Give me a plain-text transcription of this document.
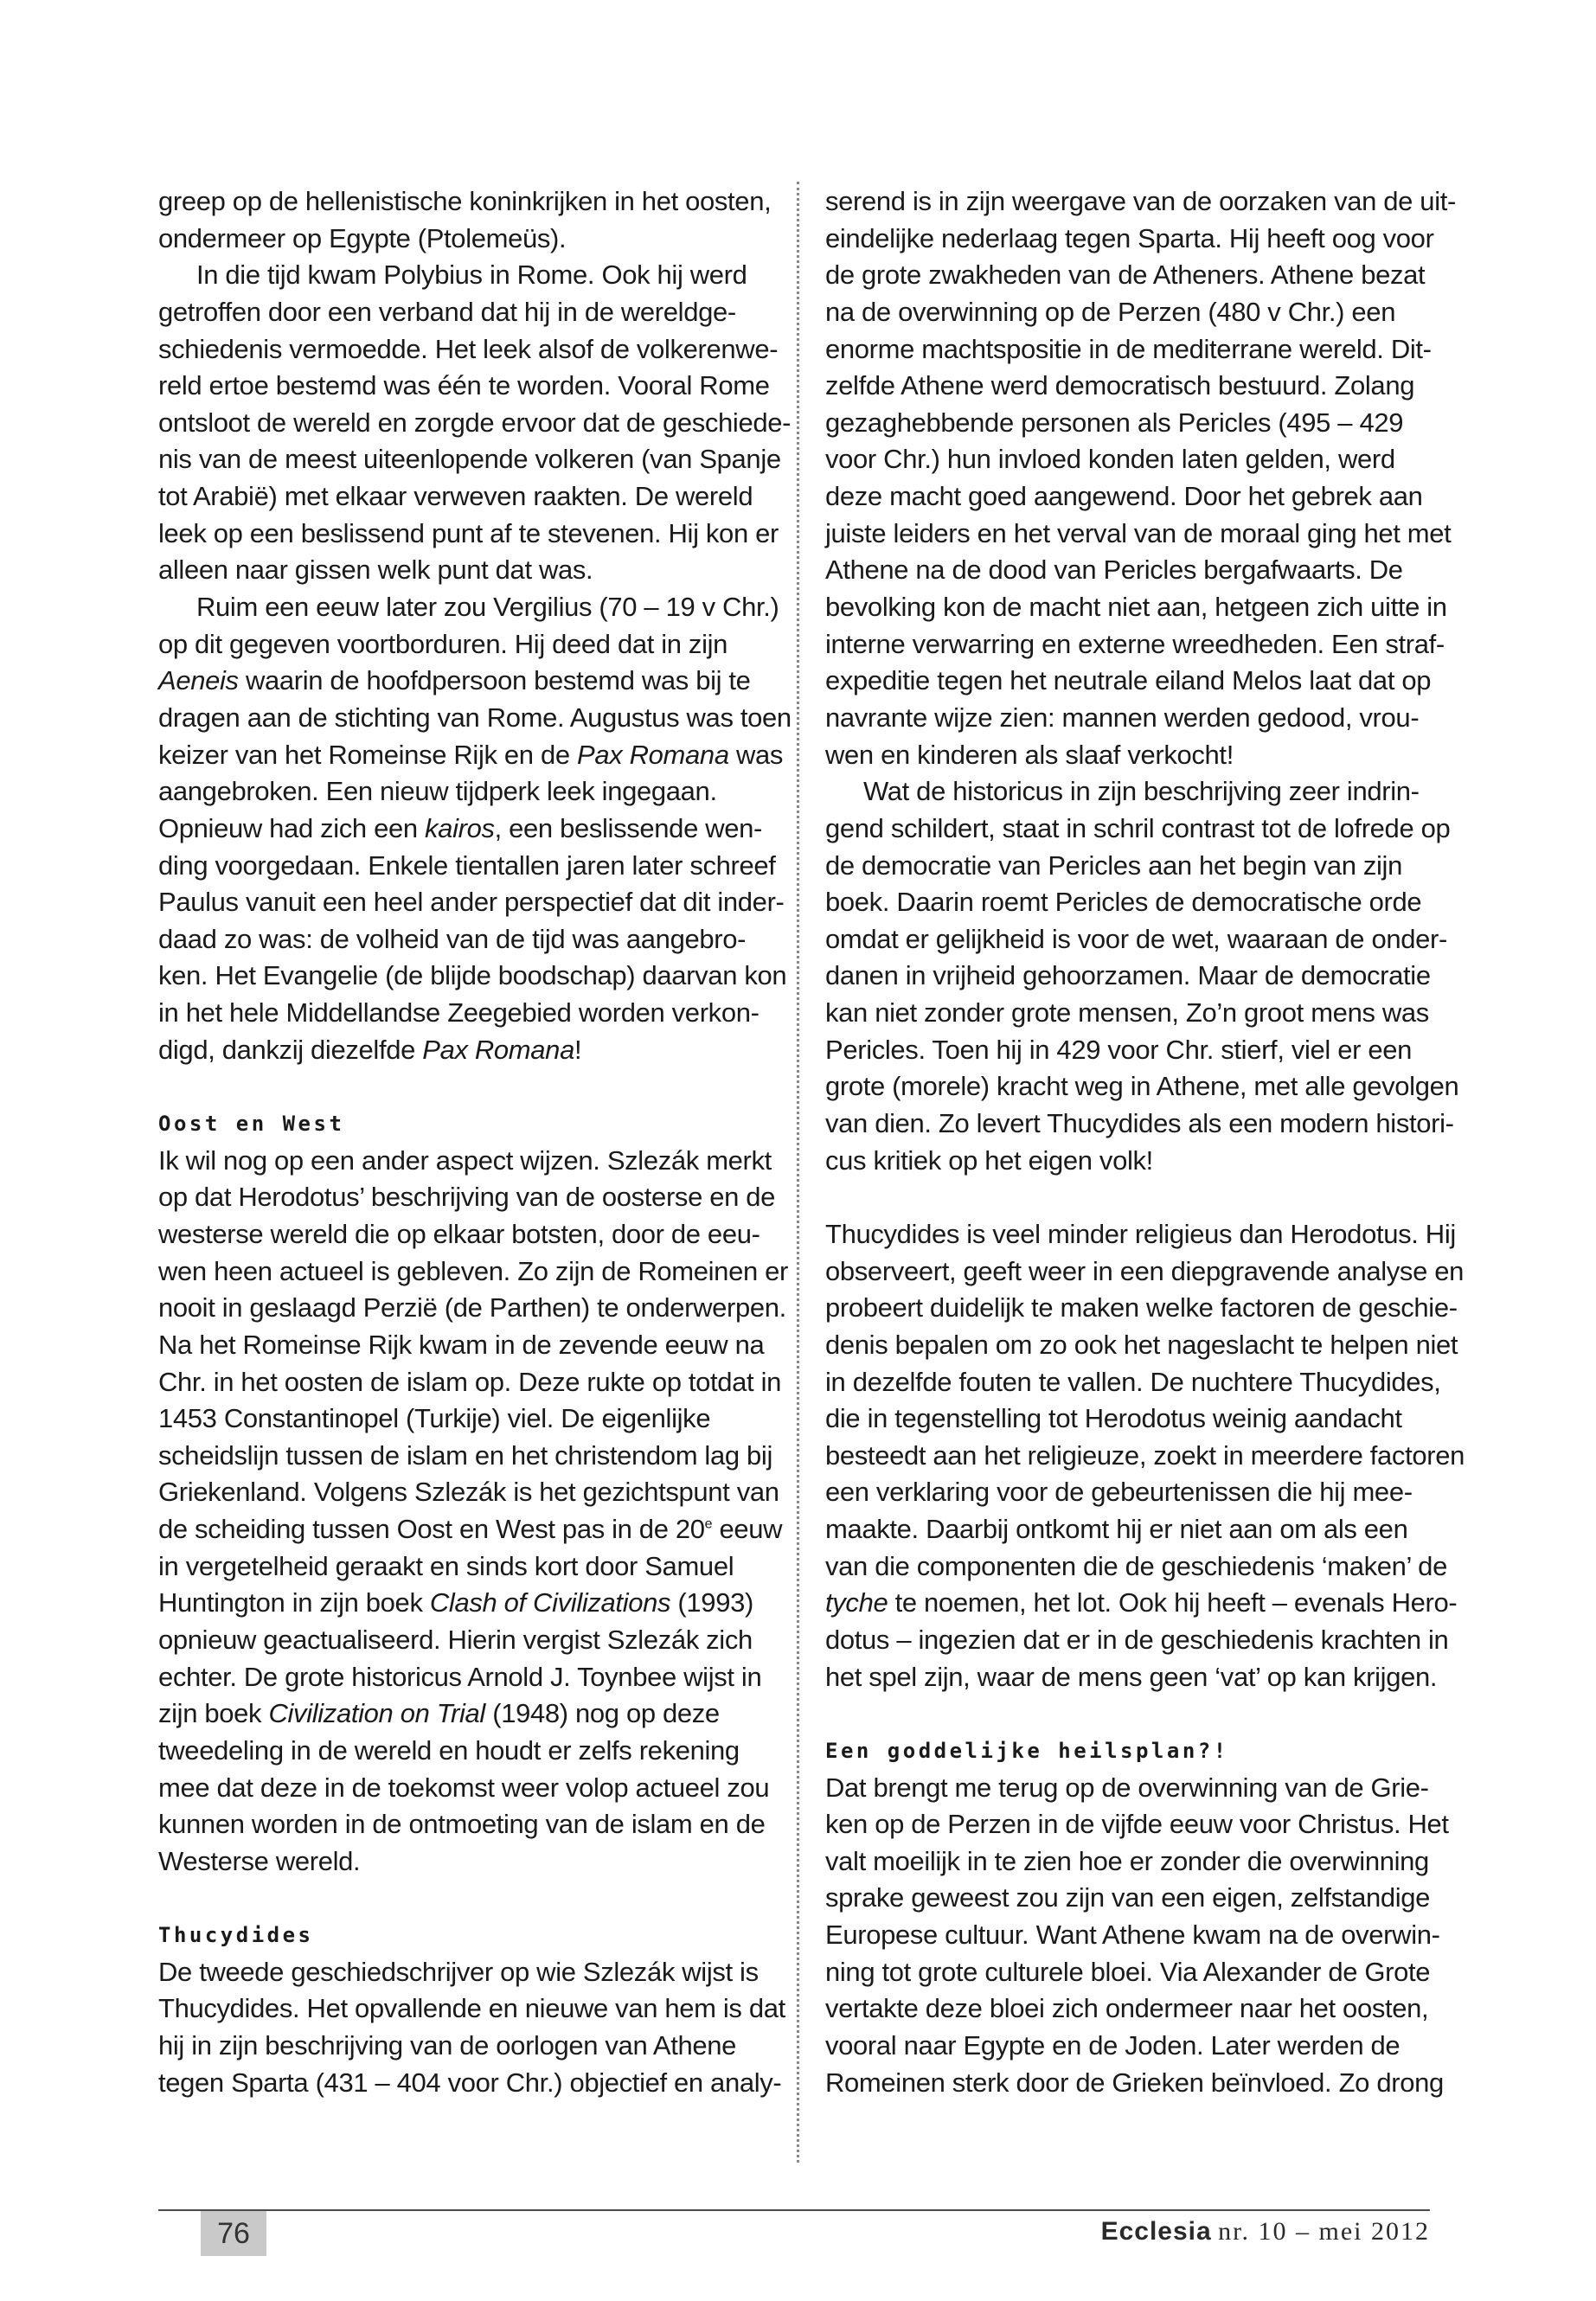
greep op de hellenistische koninkrijken in het oosten,
ondermeer op Egypte (Ptolemeüs).
In die tijd kwam Polybius in Rome. Ook hij werd
getroffen door een verband dat hij in de wereldge-
schiedenis vermoedde. Het leek alsof de volkerenwe-
reld ertoe bestemd was één te worden. Vooral Rome
ontsloot de wereld en zorgde ervoor dat de geschiede-
nis van de meest uiteenlopende volkeren (van Spanje
tot Arabië) met elkaar verweven raakten. De wereld
leek op een beslissend punt af te stevenen. Hij kon er
alleen naar gissen welk punt dat was.
Ruim een eeuw later zou Vergilius (70 – 19 v Chr.)
op dit gegeven voortborduren. Hij deed dat in zijn
Aeneis waarin de hoofdpersoon bestemd was bij te
dragen aan de stichting van Rome. Augustus was toen
keizer van het Romeinse Rijk en de Pax Romana was
aangebroken. Een nieuw tijdperk leek ingegaan.
Opnieuw had zich een kairos, een beslissende wen-
ding voorgedaan. Enkele tientallen jaren later schreef
Paulus vanuit een heel ander perspectief dat dit inder-
daad zo was: de volheid van de tijd was aangebro-
ken. Het Evangelie (de blijde boodschap) daarvan kon
in het hele Middellandse Zeegebied worden verkon-
digd, dankzij diezelfde Pax Romana!
Oost en West
Ik wil nog op een ander aspect wijzen. Szlezák merkt
op dat Herodotus’ beschrijving van de oosterse en de
westerse wereld die op elkaar botsten, door de eeu-
wen heen actueel is gebleven. Zo zijn de Romeinen er
nooit in geslaagd Perzië (de Parthen) te onderwerpen.
Na het Romeinse Rijk kwam in de zevende eeuw na
Chr. in het oosten de islam op. Deze rukte op totdat in
1453 Constantinopel (Turkije) viel. De eigenlijke
scheidslijn tussen de islam en het christendom lag bij
Griekenland. Volgens Szlezák is het gezichtspunt van
de scheiding tussen Oost en West pas in de 20e eeuw
in vergetelheid geraakt en sinds kort door Samuel
Huntington in zijn boek Clash of Civilizations (1993)
opnieuw geactualiseerd. Hierin vergist Szlezák zich
echter. De grote historicus Arnold J. Toynbee wijst in
zijn boek Civilization on Trial (1948) nog op deze
tweedeling in de wereld en houdt er zelfs rekening
mee dat deze in de toekomst weer volop actueel zou
kunnen worden in de ontmoeting van de islam en de
Westerse wereld.
Thucydides
De tweede geschiedschrijver op wie Szlezák wijst is
Thucydides. Het opvallende en nieuwe van hem is dat
hij in zijn beschrijving van de oorlogen van Athene
tegen Sparta (431 – 404 voor Chr.) objectief en analy-
serend is in zijn weergave van de oorzaken van de uit-
eindelijke nederlaag tegen Sparta. Hij heeft oog voor
de grote zwakheden van de Atheners. Athene bezat
na de overwinning op de Perzen (480 v Chr.) een
enorme machtspositie in de mediterrane wereld. Dit-
zelfde Athene werd democratisch bestuurd. Zolang
gezaghebbende personen als Pericles (495 – 429
voor Chr.) hun invloed konden laten gelden, werd
deze macht goed aangewend. Door het gebrek aan
juiste leiders en het verval van de moraal ging het met
Athene na de dood van Pericles bergafwaarts. De
bevolking kon de macht niet aan, hetgeen zich uitte in
interne verwarring en externe wreedheden. Een straf-
expeditie tegen het neutrale eiland Melos laat dat op
navrante wijze zien: mannen werden gedood, vrou-
wen en kinderen als slaaf verkocht!
Wat de historicus in zijn beschrijving zeer indrin-
gend schildert, staat in schril contrast tot de lofrede op
de democratie van Pericles aan het begin van zijn
boek. Daarin roemt Pericles de democratische orde
omdat er gelijkheid is voor de wet, waaraan de onder-
danen in vrijheid gehoorzamen. Maar de democratie
kan niet zonder grote mensen, Zo’n groot mens was
Pericles. Toen hij in 429 voor Chr. stierf, viel er een
grote (morele) kracht weg in Athene, met alle gevolgen
van dien. Zo levert Thucydides als een modern histori-
cus kritiek op het eigen volk!
Thucydides is veel minder religieus dan Herodotus. Hij
observeert, geeft weer in een diepgravende analyse en
probeert duidelijk te maken welke factoren de geschie-
denis bepalen om zo ook het nageslacht te helpen niet
in dezelfde fouten te vallen. De nuchtere Thucydides,
die in tegenstelling tot Herodotus weinig aandacht
besteedt aan het religieuze, zoekt in meerdere factoren
een verklaring voor de gebeurtenissen die hij mee-
maakte. Daarbij ontkomt hij er niet aan om als een
van die componenten die de geschiedenis ‘maken’ de
tyche te noemen, het lot. Ook hij heeft – evenals Hero-
dotus – ingezien dat er in de geschiedenis krachten in
het spel zijn, waar de mens geen ‘vat’ op kan krijgen.
Een goddelijke heilsplan?!
Dat brengt me terug op de overwinning van de Grie-
ken op de Perzen in de vijfde eeuw voor Christus. Het
valt moeilijk in te zien hoe er zonder die overwinning
sprake geweest zou zijn van een eigen, zelfstandige
Europese cultuur. Want Athene kwam na de overwin-
ning tot grote culturele bloei. Via Alexander de Grote
vertakte deze bloei zich ondermeer naar het oosten,
vooral naar Egypte en de Joden. Later werden de
Romeinen sterk door de Grieken beïnvloed. Zo drong
76	Ecclesia nr. 10 – mei 2012
